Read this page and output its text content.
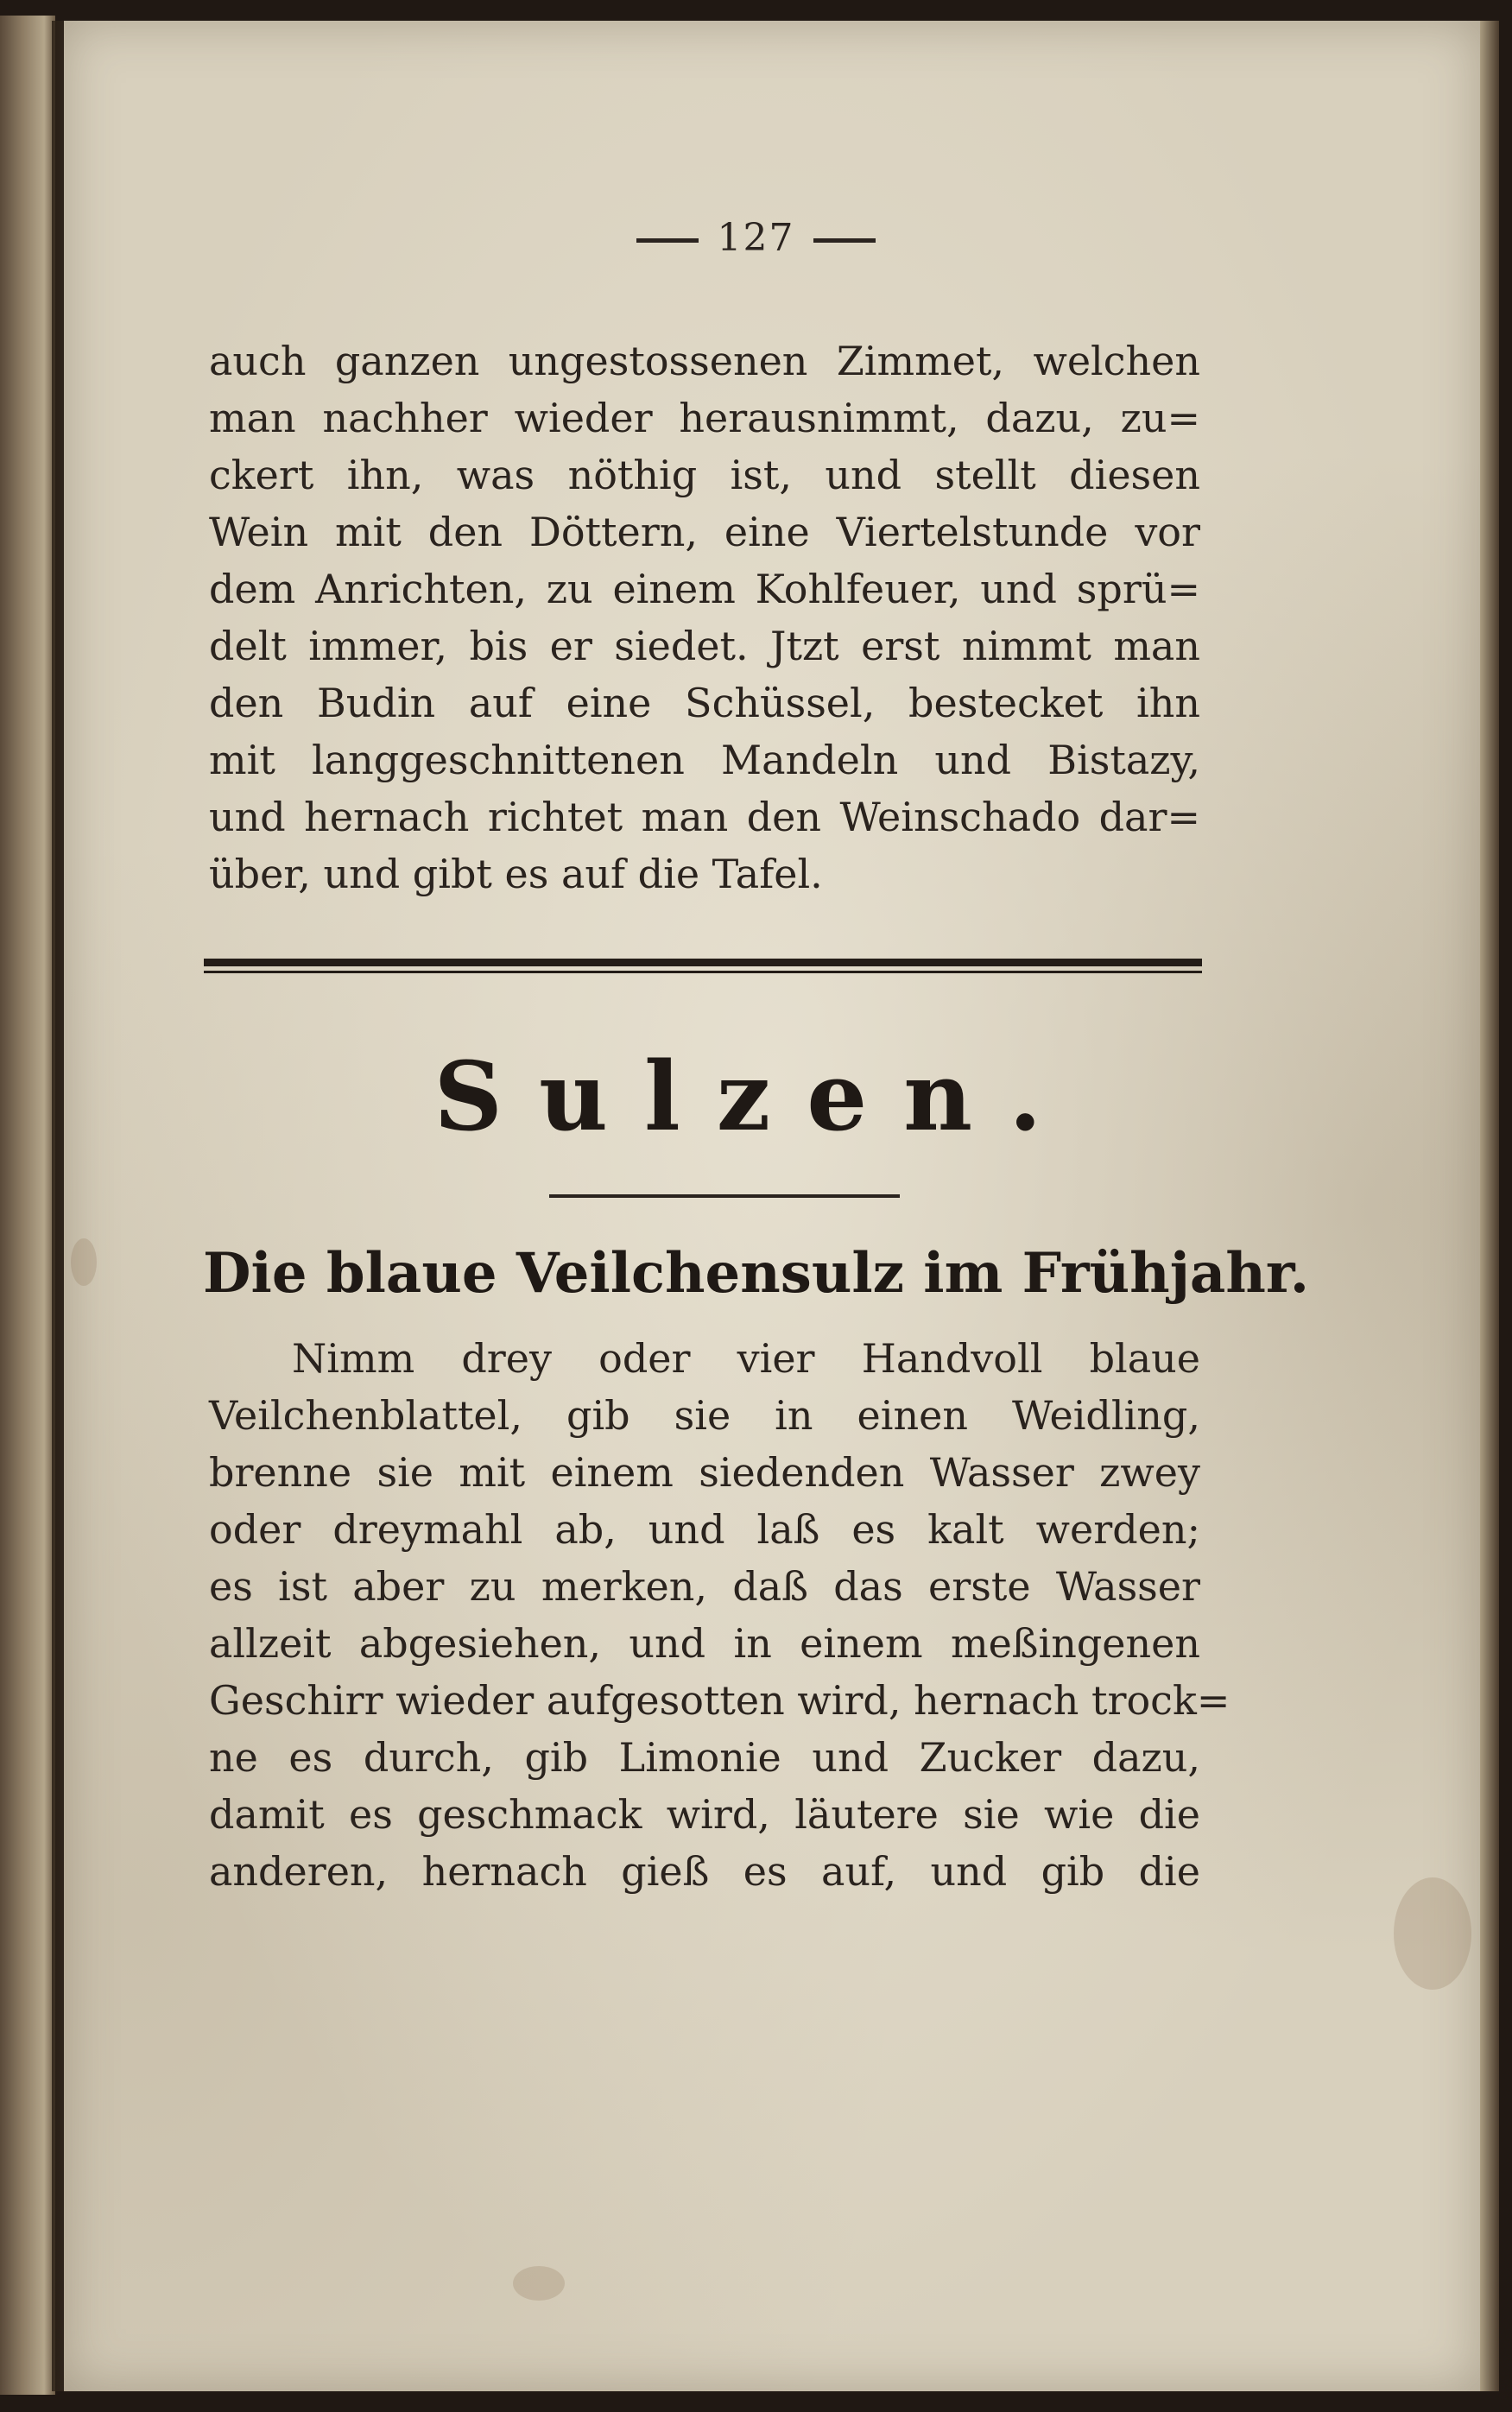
127
auch ganzen ungestossenen Zimmet, welchen
man nachher wieder herausnimmt, dazu, zu=
ckert ihn, was nöthig ist, und stellt diesen
Wein mit den Döttern, eine Viertelstunde vor
dem Anrichten, zu einem Kohlfeuer, und sprü=
delt immer, bis er siedet. Jtzt erst nimmt man
den Budin auf eine Schüssel, bestecket ihn
mit langgeschnittenen Mandeln und Bistazy,
und hernach richtet man den Weinschado dar=
über, und gibt es auf die Tafel.
Sulzen.
Die blaue Veilchensulz im Frühjahr.
Nimm drey oder vier Handvoll blaue
Veilchenblattel, gib sie in einen Weidling,
brenne sie mit einem siedenden Wasser zwey
oder dreymahl ab, und laß es kalt werden;
es ist aber zu merken, daß das erste Wasser
allzeit abgesiehen, und in einem meßingenen
Geschirr wieder aufgesotten wird, hernach trock=
ne es durch, gib Limonie und Zucker dazu,
damit es geschmack wird, läutere sie wie die
anderen, hernach gieß es auf, und gib die
